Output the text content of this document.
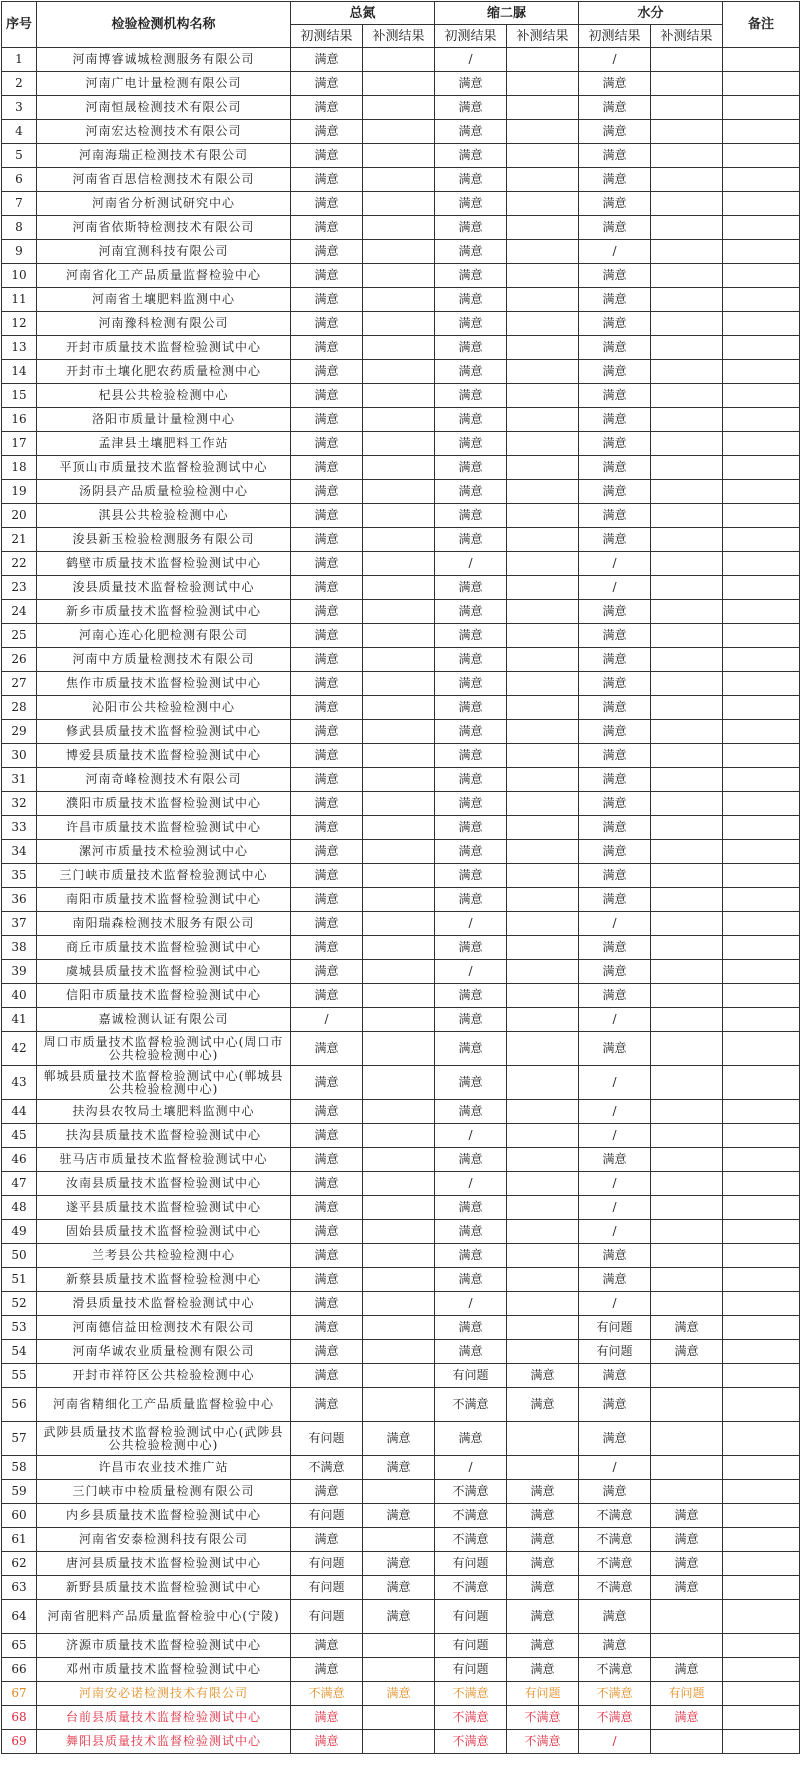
序号	检验检测机构名称	总氮		缩二脲		水分		备注
		初测结果	补测结果	初测结果	补测结果	初测结果	补测结果	
1	河南博睿诚城检测服务有限公司	满意		/		/		
2	河南广电计量检测有限公司	满意		满意		满意		
3	河南恒晟检测技术有限公司	满意		满意		满意		
4	河南宏达检测技术有限公司	满意		满意		满意		
5	河南海瑞正检测技术有限公司	满意		满意		满意		
6	河南省百思信检测技术有限公司	满意		满意		满意		
7	河南省分析测试研究中心	满意		满意		满意		
8	河南省依斯特检测技术有限公司	满意		满意		满意		
9	河南宜测科技有限公司	满意		满意		/		
10	河南省化工产品质量监督检验中心	满意		满意		满意		
11	河南省土壤肥料监测中心	满意		满意		满意		
12	河南豫科检测有限公司	满意		满意		满意		
13	开封市质量技术监督检验测试中心	满意		满意		满意		
14	开封市土壤化肥农药质量检测中心	满意		满意		满意		
15	杞县公共检验检测中心	满意		满意		满意		
16	洛阳市质量计量检测中心	满意		满意		满意		
17	孟津县土壤肥料工作站	满意		满意		满意		
18	平顶山市质量技术监督检验测试中心	满意		满意		满意		
19	汤阴县产品质量检验检测中心	满意		满意		满意		
20	淇县公共检验检测中心	满意		满意		满意		
21	浚县新玉检验检测服务有限公司	满意		满意		满意		
22	鹤壁市质量技术监督检验测试中心	满意		/		/		
23	浚县质量技术监督检验测试中心	满意		满意		/		
24	新乡市质量技术监督检验测试中心	满意		满意		满意		
25	河南心连心化肥检测有限公司	满意		满意		满意		
26	河南中方质量检测技术有限公司	满意		满意		满意		
27	焦作市质量技术监督检验测试中心	满意		满意		满意		
28	沁阳市公共检验检测中心	满意		满意		满意		
29	修武县质量技术监督检验测试中心	满意		满意		满意		
30	博爱县质量技术监督检验测试中心	满意		满意		满意		
31	河南奇峰检测技术有限公司	满意		满意		满意		
32	濮阳市质量技术监督检验测试中心	满意		满意		满意		
33	许昌市质量技术监督检验测试中心	满意		满意		满意		
34	漯河市质量技术检验测试中心	满意		满意		满意		
35	三门峡市质量技术监督检验测试中心	满意		满意		满意		
36	南阳市质量技术监督检验测试中心	满意		满意		满意		
37	南阳瑞森检测技术服务有限公司	满意		/		/		
38	商丘市质量技术监督检验测试中心	满意		满意		满意		
39	虞城县质量技术监督检验测试中心	满意		/		满意		
40	信阳市质量技术监督检验测试中心	满意		满意		满意		
41	嘉诚检测认证有限公司	/		满意		/		
42	周口市质量技术监督检验测试中心(周口市公共检验检测中心)	满意		满意		满意		
43	郸城县质量技术监督检验测试中心(郸城县公共检验检测中心)	满意		满意		/		
44	扶沟县农牧局土壤肥料监测中心	满意		满意		/		
45	扶沟县质量技术监督检验测试中心	满意		/		/		
46	驻马店市质量技术监督检验测试中心	满意		满意		满意		
47	汝南县质量技术监督检验测试中心	满意		/		/		
48	遂平县质量技术监督检验测试中心	满意		满意		/		
49	固始县质量技术监督检验测试中心	满意		满意		/		
50	兰考县公共检验检测中心	满意		满意		满意		
51	新蔡县质量技术监督检验检测中心	满意		满意		满意		
52	滑县质量技术监督检验测试中心	满意		/		/		
53	河南德信益田检测技术有限公司	满意		满意		有问题	满意	
54	河南华诚农业质量检测有限公司	满意		满意		有问题	满意	
55	开封市祥符区公共检验检测中心	满意		有问题	满意	满意		
56	河南省精细化工产品质量监督检验中心	满意		不满意	满意	满意		
57	武陟县质量技术监督检验测试中心(武陟县公共检验检测中心)	有问题	满意	满意		满意		
58	许昌市农业技术推广站	不满意	满意	/		/		
59	三门峡市中检质量检测有限公司	满意		不满意	满意	满意		
60	内乡县质量技术监督检验测试中心	有问题	满意	不满意	满意	不满意	满意	
61	河南省安泰检测科技有限公司	满意		不满意	满意	不满意	满意	
62	唐河县质量技术监督检验测试中心	有问题	满意	有问题	满意	不满意	满意	
63	新野县质量技术监督检验测试中心	有问题	满意	不满意	满意	不满意	满意	
64	河南省肥料产品质量监督检验中心(宁陵)	有问题	满意	有问题	满意	满意		
65	济源市质量技术监督检验测试中心	满意		有问题	满意	满意		
66	邓州市质量技术监督检验测试中心	满意		有问题	满意	不满意	满意	
67	河南安必诺检测技术有限公司	不满意	满意	不满意	有问题	不满意	有问题	
68	台前县质量技术监督检验测试中心	满意		不满意	不满意	不满意	满意	
69	舞阳县质量技术监督检验测试中心	满意		不满意	不满意	/		
